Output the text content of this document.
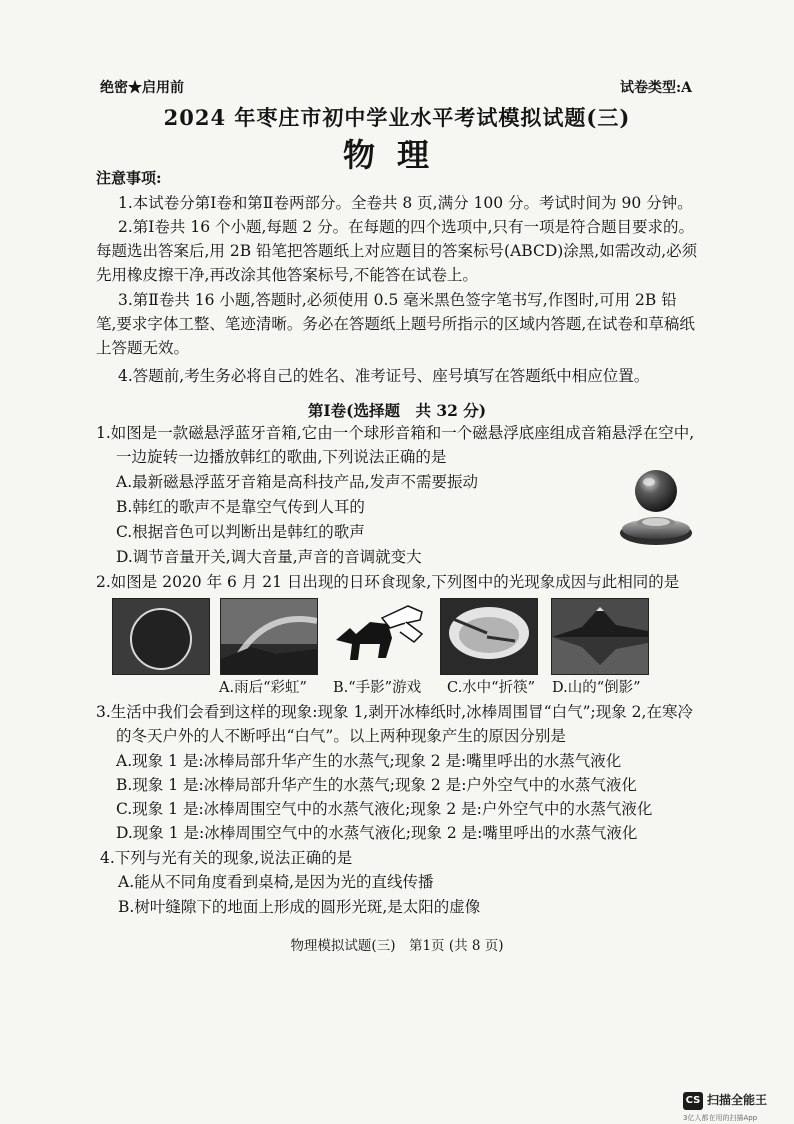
绝密★启用前	试卷类型:A
2024 年枣庄市初中学业水平考试模拟试题(三)
物理
注意事项:
1.本试卷分第Ⅰ卷和第Ⅱ卷两部分。全卷共 8 页,满分 100 分。考试时间为 90 分钟。
2.第Ⅰ卷共 16 个小题,每题 2 分。在每题的四个选项中,只有一项是符合题目要求的。
每题选出答案后,用 2B 铅笔把答题纸上对应题目的答案标号(ABCD)涂黑,如需改动,必须
先用橡皮擦干净,再改涂其他答案标号,不能答在试卷上。
3.第Ⅱ卷共 16 小题,答题时,必须使用 0.5 毫米黑色签字笔书写,作图时,可用 2B 铅
笔,要求字体工整、笔迹清晰。务必在答题纸上题号所指示的区域内答题,在试卷和草稿纸
上答题无效。
4.答题前,考生务必将自己的姓名、准考证号、座号填写在答题纸中相应位置。
第Ⅰ卷(选择题　共 32 分)
1.如图是一款磁悬浮蓝牙音箱,它由一个球形音箱和一个磁悬浮底座组成音箱悬浮在空中,
一边旋转一边播放韩红的歌曲,下列说法正确的是
A.最新磁悬浮蓝牙音箱是高科技产品,发声不需要振动
B.韩红的歌声不是靠空气传到人耳的
C.根据音色可以判断出是韩红的歌声
D.调节音量开关,调大音量,声音的音调就变大
2.如图是 2020 年 6 月 21 日出现的日环食现象,下列图中的光现象成因与此相同的是
A.雨后“彩虹” B.“手影”游戏 C.水中“折筷” D.山的“倒影”
3.生活中我们会看到这样的现象:现象 1,剥开冰棒纸时,冰棒周围冒“白气”;现象 2,在寒冷
的冬天户外的人不断呼出“白气”。以上两种现象产生的原因分别是
A.现象 1 是:冰棒局部升华产生的水蒸气;现象 2 是:嘴里呼出的水蒸气液化
B.现象 1 是:冰棒局部升华产生的水蒸气;现象 2 是:户外空气中的水蒸气液化
C.现象 1 是:冰棒周围空气中的水蒸气液化;现象 2 是:户外空气中的水蒸气液化
D.现象 1 是:冰棒周围空气中的水蒸气液化;现象 2 是:嘴里呼出的水蒸气液化
4.下列与光有关的现象,说法正确的是
A.能从不同角度看到桌椅,是因为光的直线传播
B.树叶缝隙下的地面上形成的圆形光斑,是太阳的虚像
物理模拟试题(三)　第1页 (共 8 页)
CS 扫描全能王
3亿人都在用的扫描App
